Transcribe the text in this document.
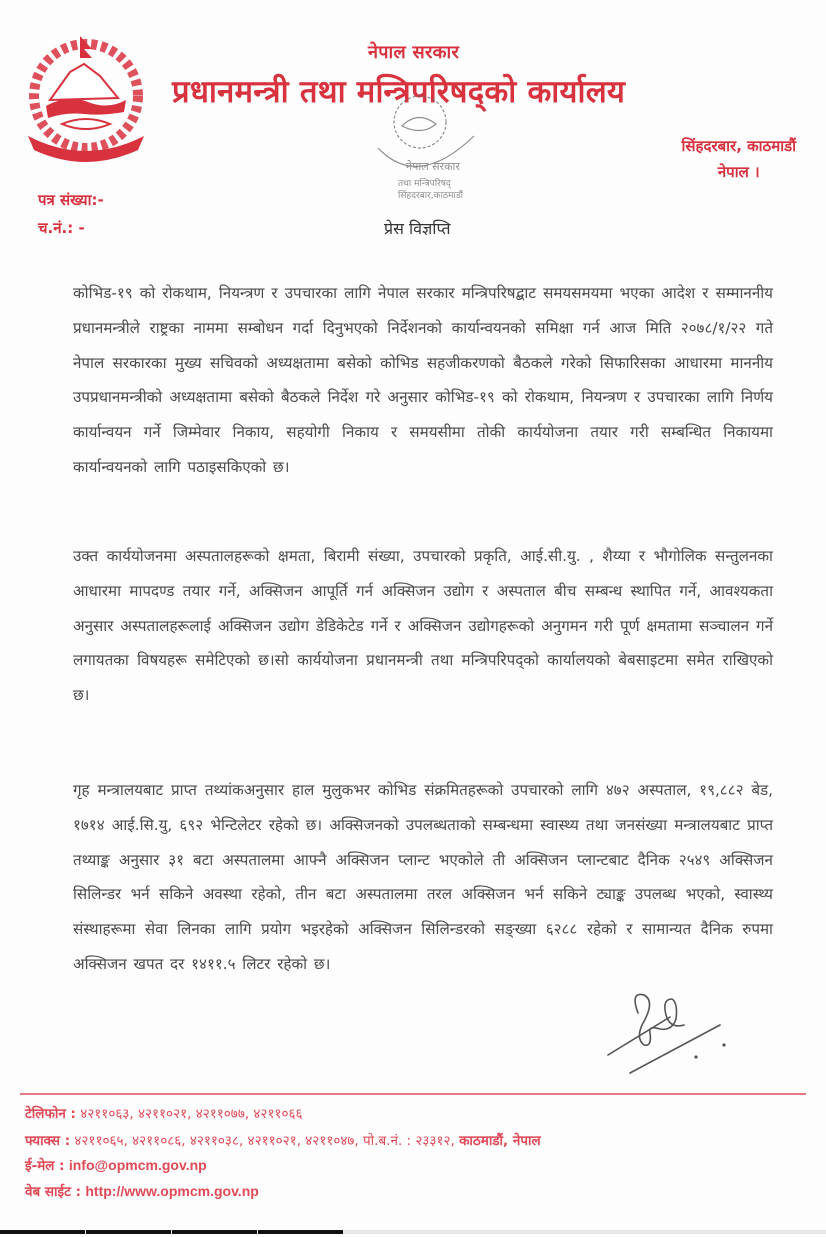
नेपाल सरकार
प्रधानमन्त्री तथा मन्त्रिपरिषद्को कार्यालय
सिंहदरबार, काठमाडौं
नेपाल ।
नेपाल सरकार
तथा मन्त्रिपरिषद्
सिंहदरबार,काठमाडौं
पत्र संख्या:-
च.नं.: -	प्रेस विज्ञप्ति
कोभिड-१९ को रोकथाम, नियन्त्रण र उपचारका लागि नेपाल सरकार मन्त्रिपरिषद्बाट समयसमयमा भएका आदेश र सम्माननीय प्रधानमन्त्रीले राष्ट्रका नाममा सम्बोधन गर्दा दिनुभएको निर्देशनको कार्यान्वयनको समिक्षा गर्न आज मिति २०७८/१/२२ गते नेपाल सरकारका मुख्य सचिवको अध्यक्षतामा बसेको कोभिड सहजीकरणको बैठकले गरेको सिफारिसका आधारमा माननीय उपप्रधानमन्त्रीको अध्यक्षतामा बसेको बैठकले निर्देश गरे अनुसार कोभिड-१९ को रोकथाम, नियन्त्रण र उपचारका लागि निर्णय कार्यान्वयन गर्ने जिम्मेवार निकाय, सहयोगी निकाय र समयसीमा तोकी कार्ययोजना तयार गरी सम्बन्धित निकायमा कार्यान्वयनको लागि पठाइसकिएको छ।
उक्त कार्ययोजनमा अस्पतालहरूको क्षमता, बिरामी संख्या, उपचारको प्रकृति, आई.सी.यु. , शैय्या र भौगोलिक सन्तुलनका आधारमा मापदण्ड तयार गर्ने, अक्सिजन आपूर्ति गर्न अक्सिजन उद्योग र अस्पताल बीच सम्बन्ध स्थापित गर्ने, आवश्यकता अनुसार अस्पतालहरूलाई अक्सिजन उद्योग डेडिकेटेड गर्ने र अक्सिजन उद्योगहरूको अनुगमन गरी पूर्ण क्षमतामा सञ्चालन गर्ने लगायतका विषयहरू समेटिएको छ।सो कार्ययोजना प्रधानमन्त्री तथा मन्त्रिपरिपद्को कार्यालयको बेबसाइटमा समेत राखिएको छ।
गृह मन्त्रालयबाट प्राप्त तथ्यांकअनुसार हाल मुलुकभर कोभिड संक्रमितहरूको उपचारको लागि ४७२ अस्पताल, १९,८८२ बेड, १७१४ आई.सि.यु, ६९२ भेन्टिलेटर रहेको छ। अक्सिजनको उपलब्धताको सम्बन्धमा स्वास्थ्य तथा जनसंख्या मन्त्रालयबाट प्राप्त तथ्याङ्क अनुसार ३१ बटा अस्पतालमा आफ्नै अक्सिजन प्लान्ट भएकोले ती अक्सिजन प्लान्टबाट दैनिक २५४९ अक्सिजन सिलिन्डर भर्न सकिने अवस्था रहेको, तीन बटा अस्पतालमा तरल अक्सिजन भर्न सकिने ट्याङ्क उपलब्ध भएको, स्वास्थ्य संस्थाहरूमा सेवा लिनका लागि प्रयोग भइरहेको अक्सिजन सिलिन्डरको सङ्ख्या ६२८८ रहेको र सामान्यत दैनिक रुपमा अक्सिजन खपत दर १४११.५ लिटर रहेको छ।
टेलिफोन : ४२११०६३, ४२११०२१, ४२११०७७, ४२११०६६
फ्याक्स : ४२११०६५, ४२११०८६, ४२११०३८, ४२११०२१, ४२११०४७, पो.ब.नं. : २३३१२, काठमाडौं, नेपाल
ई-मेल : info@opmcm.gov.np
वेब साईट : http://www.opmcm.gov.np
